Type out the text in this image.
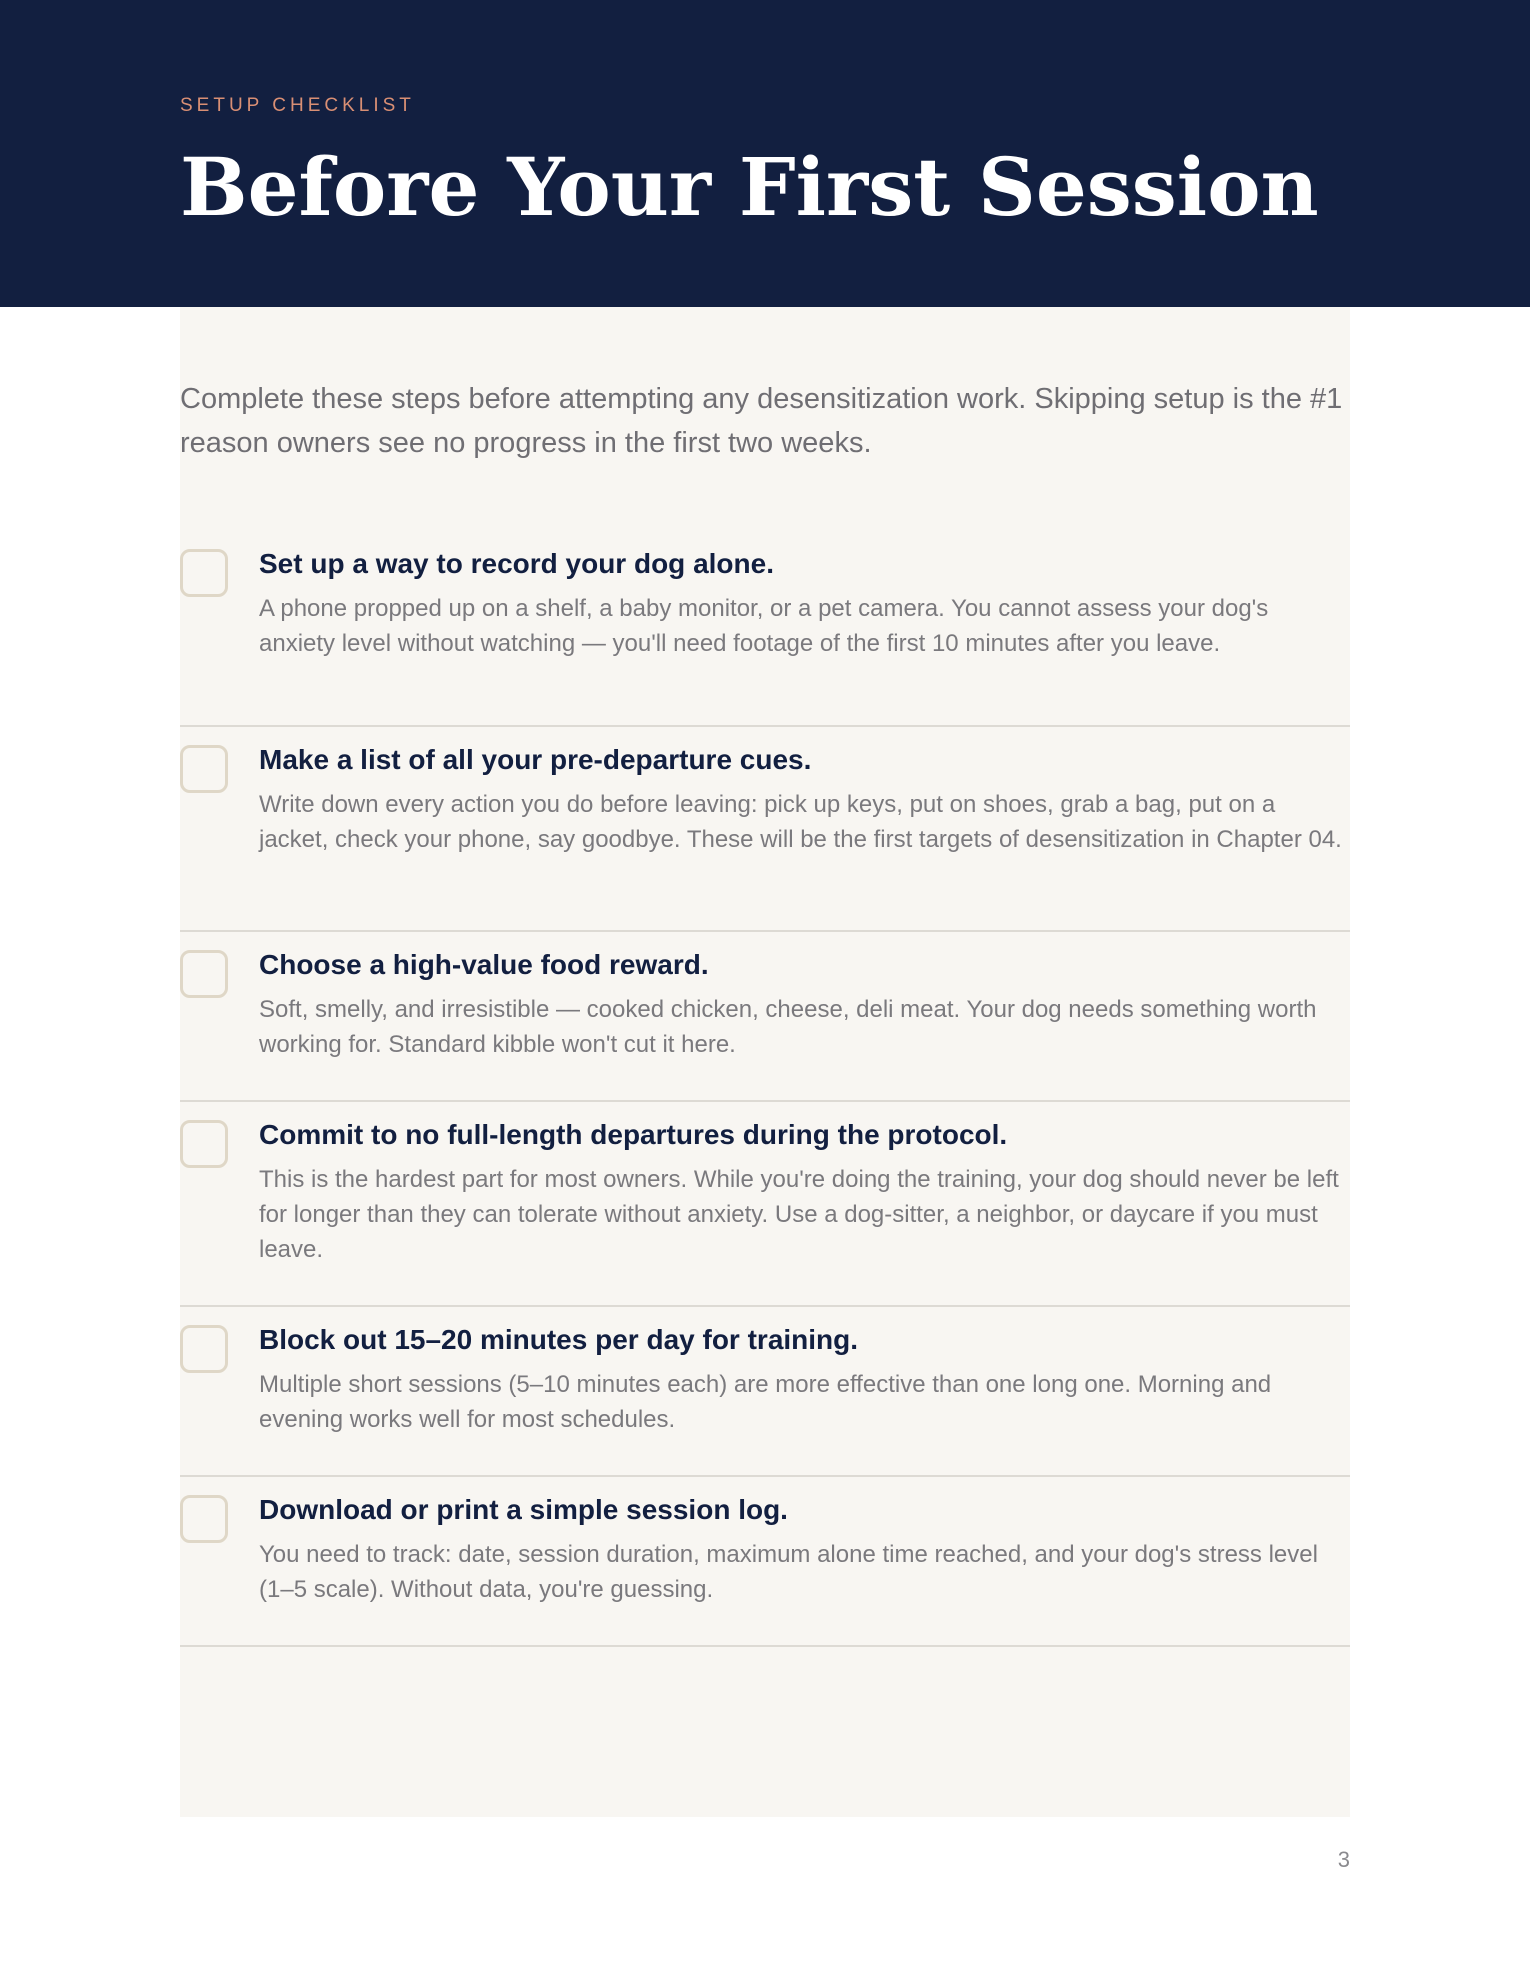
SETUP CHECKLIST
Before Your First Session

Complete these steps before attempting any desensitization work. Skipping setup is the #1 reason owners see no progress in the first two weeks.

Set up a way to record your dog alone.

A phone propped up on a shelf, a baby monitor, or a pet camera. You cannot assess your dog's anxiety level without watching — you'll need footage of the first 10 minutes after you leave.

Make a list of all your pre-departure cues.

Write down every action you do before leaving: pick up keys, put on shoes, grab a bag, put on a jacket, check your phone, say goodbye. These will be the first targets of desensitization in Chapter 04.

Choose a high-value food reward.

Soft, smelly, and irresistible — cooked chicken, cheese, deli meat. Your dog needs something worth working for. Standard kibble won't cut it here.

Commit to no full-length departures during the protocol.

This is the hardest part for most owners. While you're doing the training, your dog should never be left for longer than they can tolerate without anxiety. Use a dog-sitter, a neighbor, or daycare if you must leave.

Block out 15–20 minutes per day for training.

Multiple short sessions (5–10 minutes each) are more effective than one long one. Morning and evening works well for most schedules.

Download or print a simple session log.

You need to track: date, session duration, maximum alone time reached, and your dog's stress level (1–5 scale). Without data, you're guessing.

3
